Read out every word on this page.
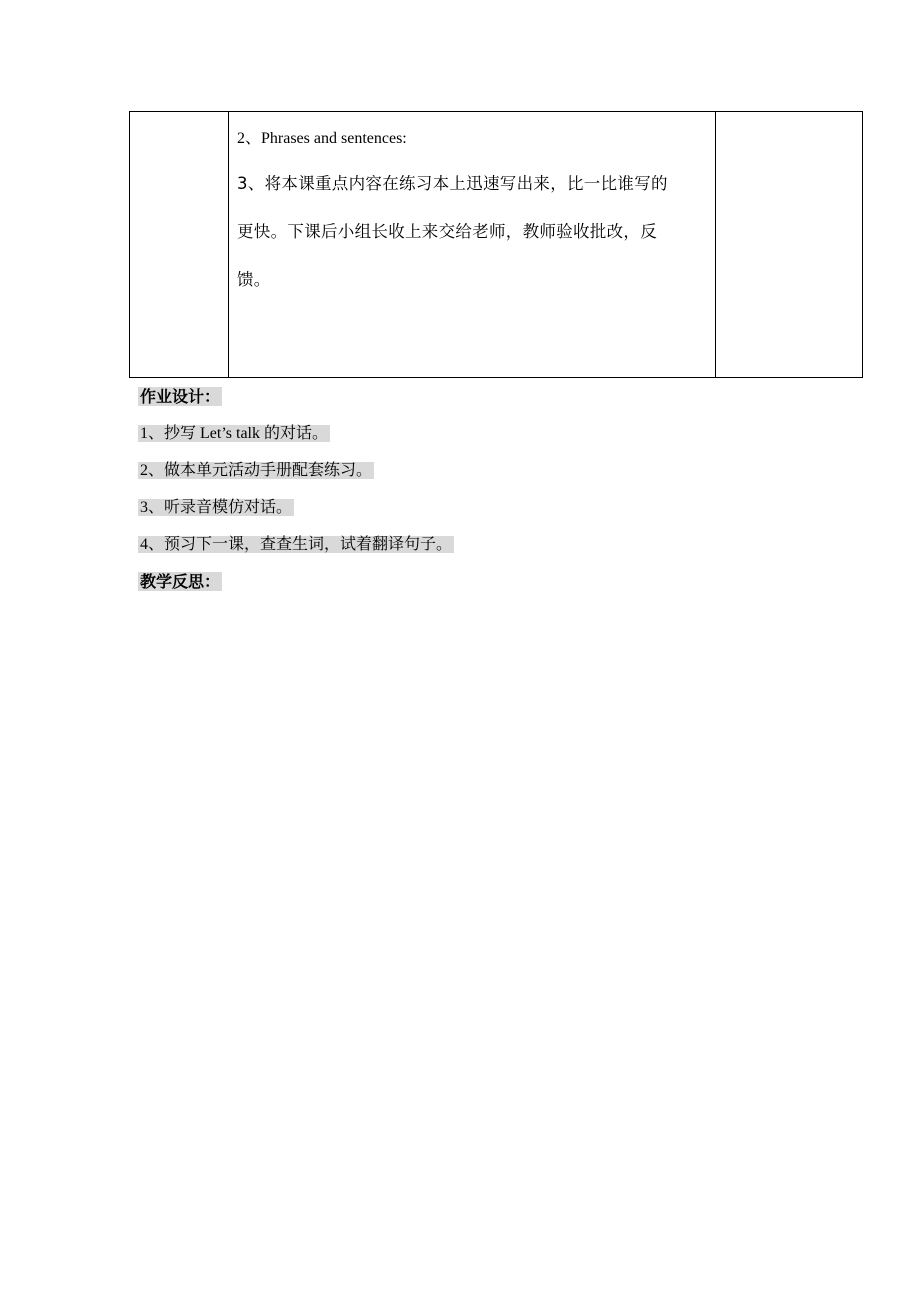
2、Phrases and sentences:
3、将本课重点内容在练习本上迅速写出来，比一比谁写的
更快。下课后小组长收上来交给老师，教师验收批改，反
馈。
作业设计：
1、抄写 Let’s talk 的对话。
2、做本单元活动手册配套练习。
3、听录音模仿对话。
4、预习下一课，查查生词，试着翻译句子。
教学反思：
